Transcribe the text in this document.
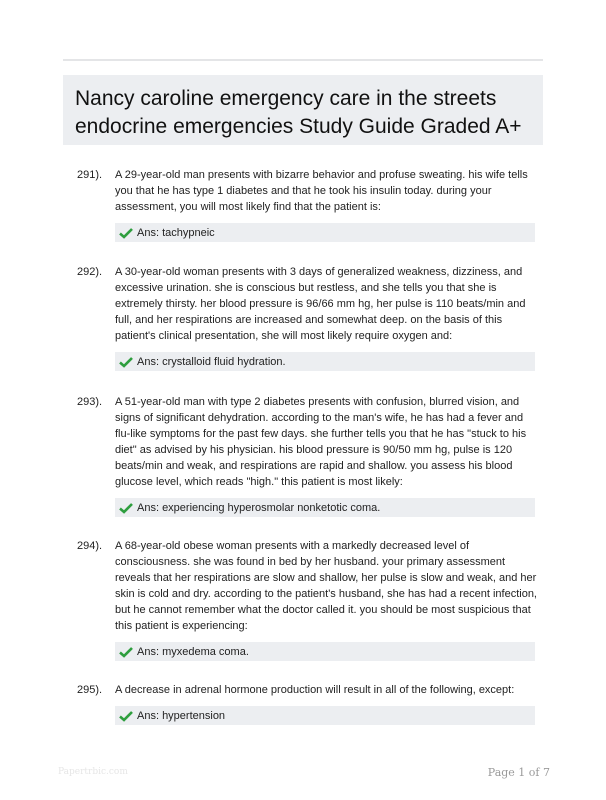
Nancy caroline emergency care in the streets endocrine emergencies Study Guide Graded A+
291). A 29-year-old man presents with bizarre behavior and profuse sweating. his wife tells you that he has type 1 diabetes and that he took his insulin today. during your assessment, you will most likely find that the patient is:
Ans: tachypneic
292). A 30-year-old woman presents with 3 days of generalized weakness, dizziness, and excessive urination. she is conscious but restless, and she tells you that she is extremely thirsty. her blood pressure is 96/66 mm hg, her pulse is 110 beats/min and full, and her respirations are increased and somewhat deep. on the basis of this patient's clinical presentation, she will most likely require oxygen and:
Ans: crystalloid fluid hydration.
293). A 51-year-old man with type 2 diabetes presents with confusion, blurred vision, and signs of significant dehydration. according to the man's wife, he has had a fever and flu-like symptoms for the past few days. she further tells you that he has "stuck to his diet" as advised by his physician. his blood pressure is 90/50 mm hg, pulse is 120 beats/min and weak, and respirations are rapid and shallow. you assess his blood glucose level, which reads "high." this patient is most likely:
Ans: experiencing hyperosmolar nonketotic coma.
294). A 68-year-old obese woman presents with a markedly decreased level of consciousness. she was found in bed by her husband. your primary assessment reveals that her respirations are slow and shallow, her pulse is slow and weak, and her skin is cold and dry. according to the patient's husband, she has had a recent infection, but he cannot remember what the doctor called it. you should be most suspicious that this patient is experiencing:
Ans: myxedema coma.
295). A decrease in adrenal hormone production will result in all of the following, except:
Ans: hypertension
Papertrbic.com	Page 1 of 7
